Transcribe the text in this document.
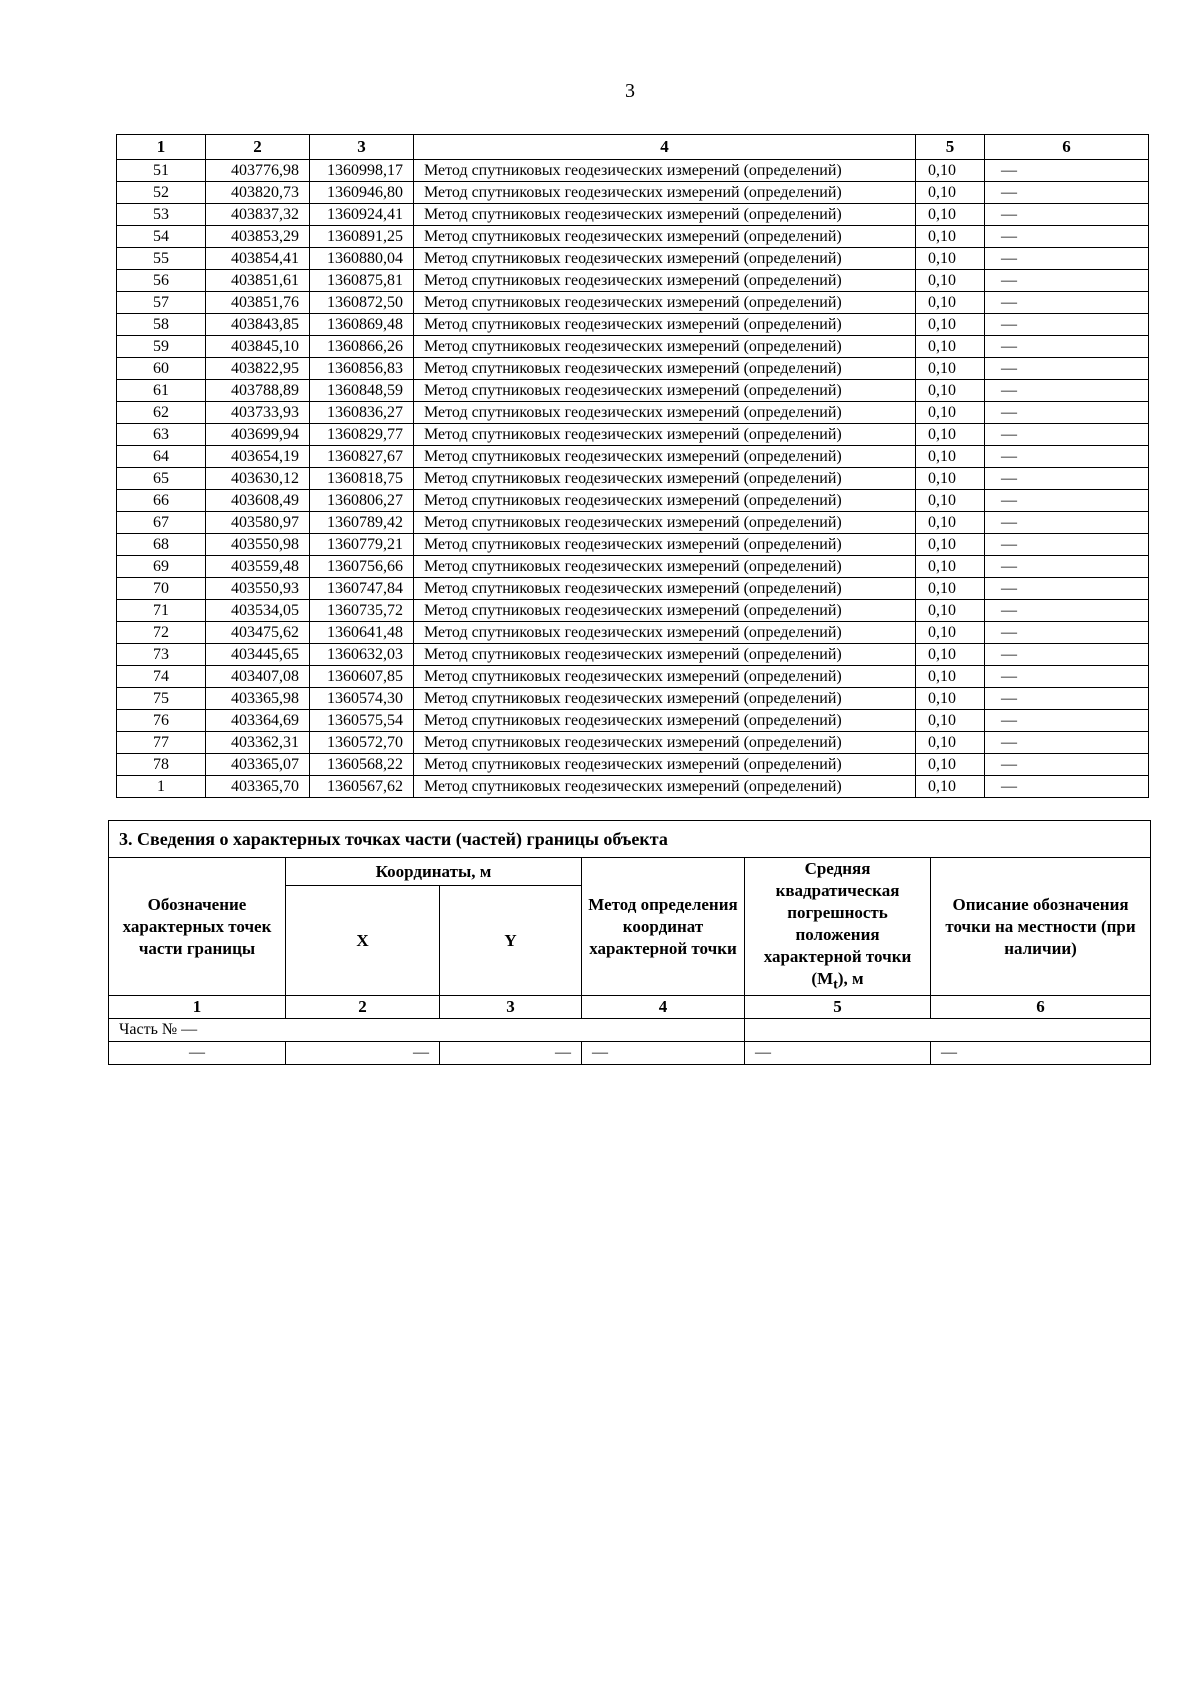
3
1	2	3	4	5	6
51	403776,98	1360998,17	Метод спутниковых геодезических измерений (определений)	0,10	—
52	403820,73	1360946,80	Метод спутниковых геодезических измерений (определений)	0,10	—
53	403837,32	1360924,41	Метод спутниковых геодезических измерений (определений)	0,10	—
54	403853,29	1360891,25	Метод спутниковых геодезических измерений (определений)	0,10	—
55	403854,41	1360880,04	Метод спутниковых геодезических измерений (определений)	0,10	—
56	403851,61	1360875,81	Метод спутниковых геодезических измерений (определений)	0,10	—
57	403851,76	1360872,50	Метод спутниковых геодезических измерений (определений)	0,10	—
58	403843,85	1360869,48	Метод спутниковых геодезических измерений (определений)	0,10	—
59	403845,10	1360866,26	Метод спутниковых геодезических измерений (определений)	0,10	—
60	403822,95	1360856,83	Метод спутниковых геодезических измерений (определений)	0,10	—
61	403788,89	1360848,59	Метод спутниковых геодезических измерений (определений)	0,10	—
62	403733,93	1360836,27	Метод спутниковых геодезических измерений (определений)	0,10	—
63	403699,94	1360829,77	Метод спутниковых геодезических измерений (определений)	0,10	—
64	403654,19	1360827,67	Метод спутниковых геодезических измерений (определений)	0,10	—
65	403630,12	1360818,75	Метод спутниковых геодезических измерений (определений)	0,10	—
66	403608,49	1360806,27	Метод спутниковых геодезических измерений (определений)	0,10	—
67	403580,97	1360789,42	Метод спутниковых геодезических измерений (определений)	0,10	—
68	403550,98	1360779,21	Метод спутниковых геодезических измерений (определений)	0,10	—
69	403559,48	1360756,66	Метод спутниковых геодезических измерений (определений)	0,10	—
70	403550,93	1360747,84	Метод спутниковых геодезических измерений (определений)	0,10	—
71	403534,05	1360735,72	Метод спутниковых геодезических измерений (определений)	0,10	—
72	403475,62	1360641,48	Метод спутниковых геодезических измерений (определений)	0,10	—
73	403445,65	1360632,03	Метод спутниковых геодезических измерений (определений)	0,10	—
74	403407,08	1360607,85	Метод спутниковых геодезических измерений (определений)	0,10	—
75	403365,98	1360574,30	Метод спутниковых геодезических измерений (определений)	0,10	—
76	403364,69	1360575,54	Метод спутниковых геодезических измерений (определений)	0,10	—
77	403362,31	1360572,70	Метод спутниковых геодезических измерений (определений)	0,10	—
78	403365,07	1360568,22	Метод спутниковых геодезических измерений (определений)	0,10	—
1	403365,70	1360567,62	Метод спутниковых геодезических измерений (определений)	0,10	—
3. Сведения о характерных точках части (частей) границы объекта					
Обозначение характерных точек части границы	Координаты, м		Метод определения координат характерной точки	Средняя квадратическая погрешность положения характерной точки $(M_t)$, м	Описание обозначения точки на местности (при наличии)
	X	Y			
1	2	3	4	5	6
Часть № —					
—	—	—	—	—	—
